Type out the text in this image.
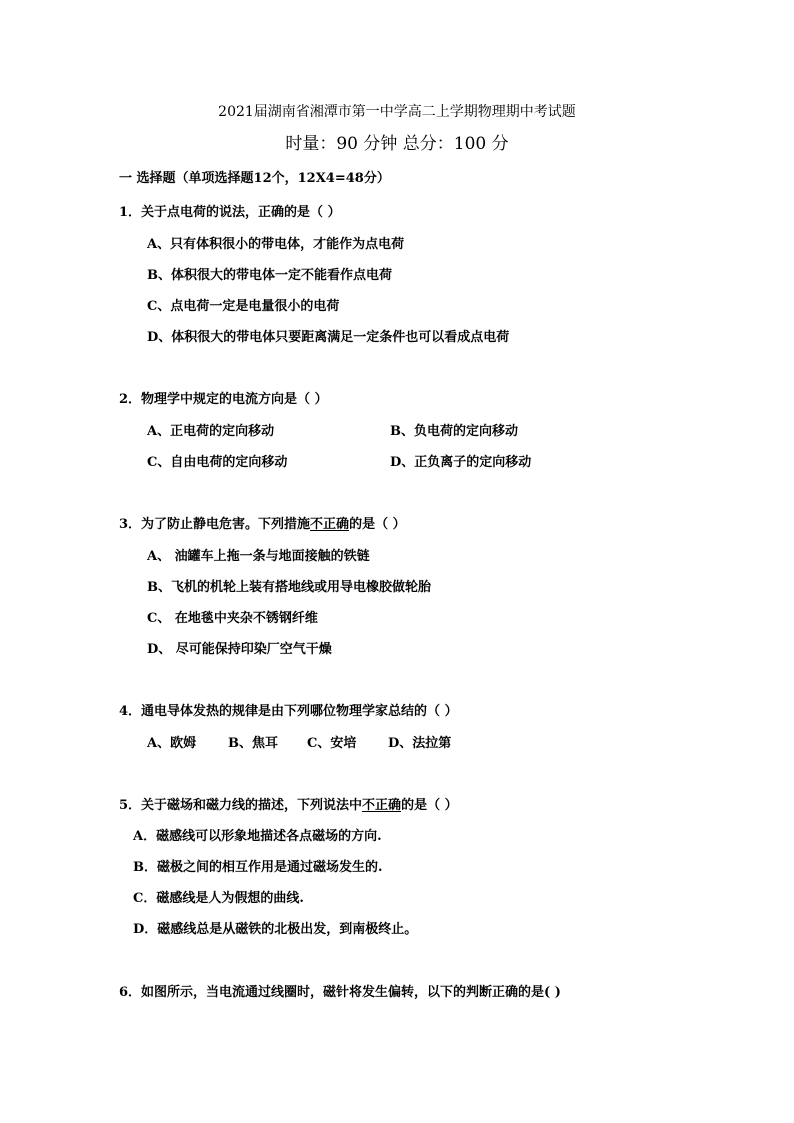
2021届湖南省湘潭市第一中学高二上学期物理期中考试题
时量：90 分钟 总分：100 分
一 选择题（单项选择题12个，12X4=48分）
1．关于点电荷的说法，正确的是（ ）
A、只有体积很小的带电体，才能作为点电荷
B、体积很大的带电体一定不能看作点电荷
C、点电荷一定是电量很小的电荷
D、体积很大的带电体只要距离满足一定条件也可以看成点电荷
2．物理学中规定的电流方向是（ ）
A、正电荷的定向移动	B、负电荷的定向移动
C、自由电荷的定向移动	D、正负离子的定向移动
3．为了防止静电危害。下列措施不正确的是（ ）
A、 油罐车上拖一条与地面接触的铁链
B、飞机的机轮上装有搭地线或用导电橡胶做轮胎
C、 在地毯中夹杂不锈钢纤维
D、 尽可能保持印染厂空气干燥
4．通电导体发热的规律是由下列哪位物理学家总结的（ ）
A、欧姆 B、焦耳 C、安培 D、法拉第
5．关于磁场和磁力线的描述，下列说法中不正确的是（ ）
A．磁感线可以形象地描述各点磁场的方向.
B．磁极之间的相互作用是通过磁场发生的.
C．磁感线是人为假想的曲线.
D．磁感线总是从磁铁的北极出发，到南极终止。
6．如图所示，当电流通过线圈时，磁针将发生偏转，以下的判断正确的是( )
